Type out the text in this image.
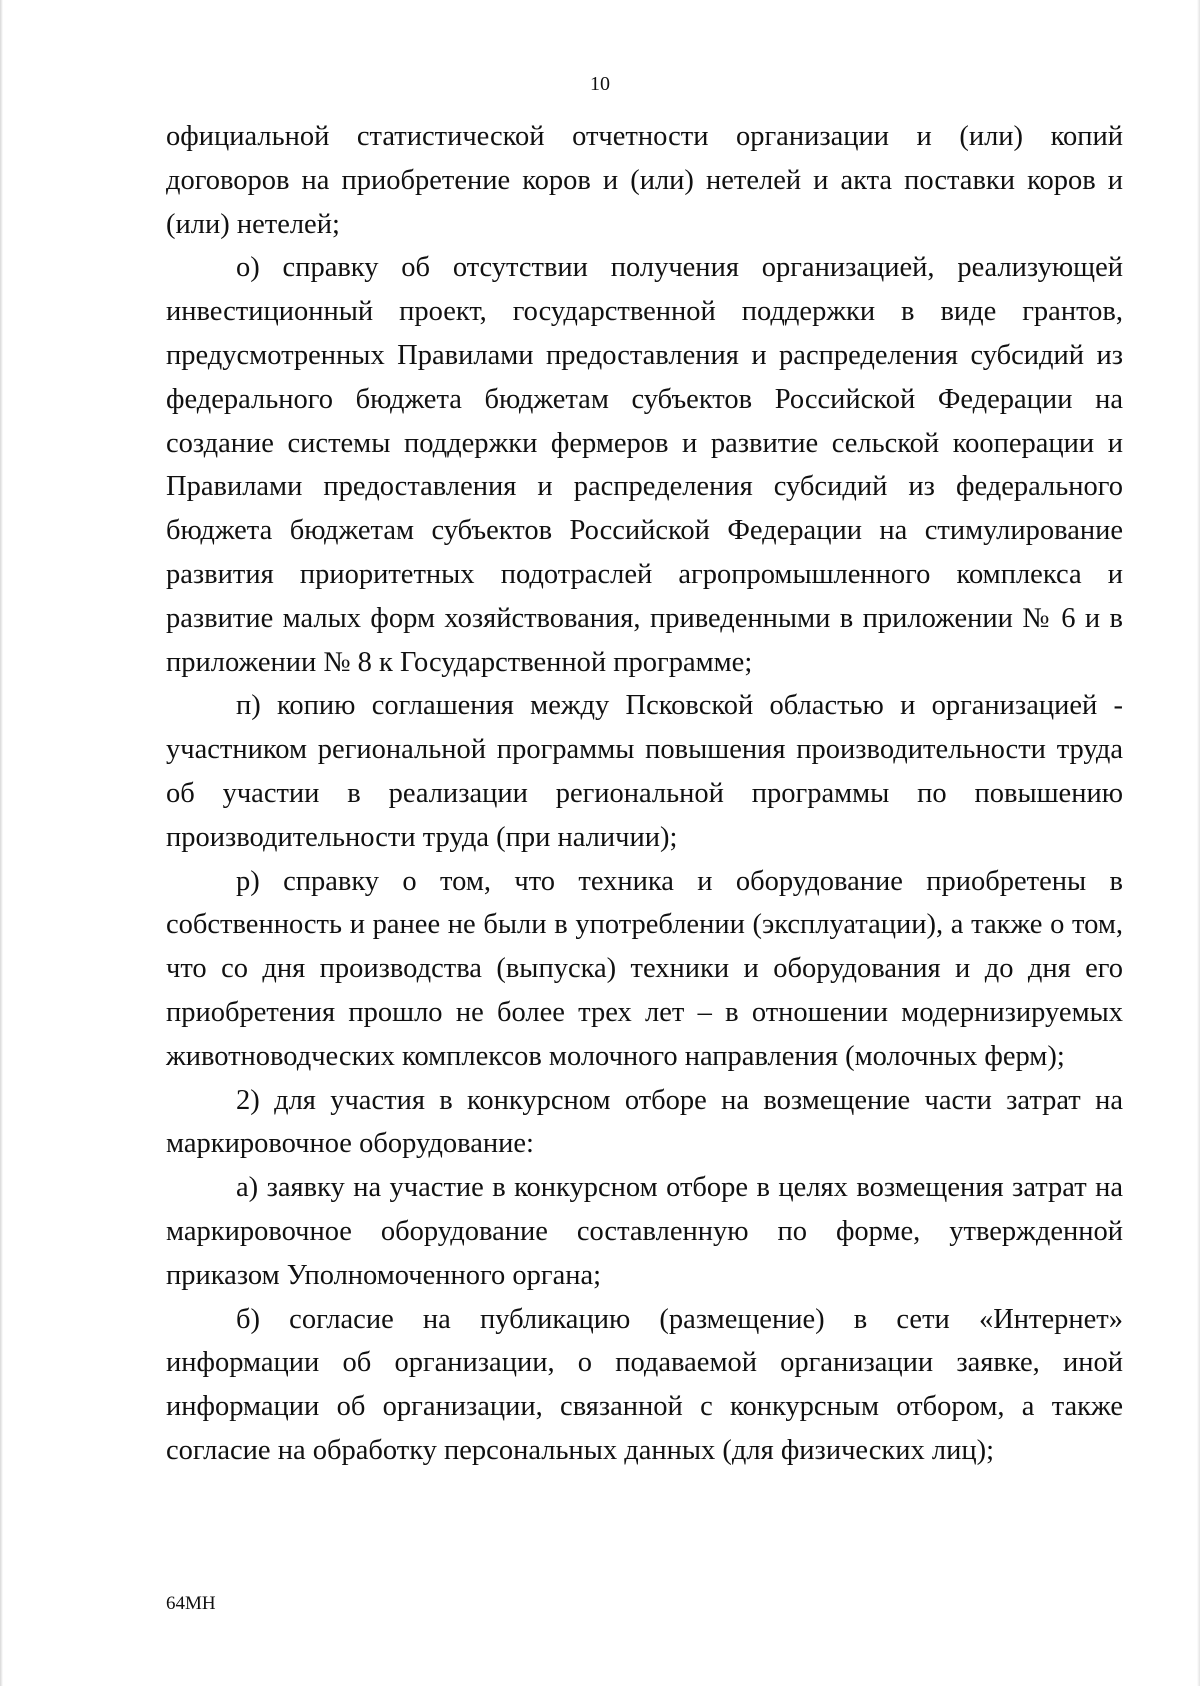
10

официальной статистической отчетности организации и (или) копий договоров на приобретение коров и (или) нетелей и акта поставки коров и (или) нетелей;

о) справку об отсутствии получения организацией, реализующей инвестиционный проект, государственной поддержки в виде грантов, предусмотренных Правилами предоставления и распределения субсидий из федерального бюджета бюджетам субъектов Российской Федерации на создание системы поддержки фермеров и развитие сельской кооперации и Правилами предоставления и распределения субсидий из федерального бюджета бюджетам субъектов Российской Федерации на стимулирование развития приоритетных подотраслей агропромышленного комплекса и развитие малых форм хозяйствования, приведенными в приложении № 6 и в приложении № 8 к Государственной программе;

п) копию соглашения между Псковской областью и организацией - участником региональной программы повышения производительности труда об участии в реализации региональной программы по повышению производительности труда (при наличии);

р) справку о том, что техника и оборудование приобретены в собственность и ранее не были в употреблении (эксплуатации), а также о том, что со дня производства (выпуска) техники и оборудования и до дня его приобретения прошло не более трех лет – в отношении модернизируемых животноводческих комплексов молочного направления (молочных ферм);

2) для участия в конкурсном отборе на возмещение части затрат на маркировочное оборудование:

а) заявку на участие в конкурсном отборе в целях возмещения затрат на маркировочное оборудование составленную по форме, утвержденной приказом Уполномоченного органа;

б) согласие на публикацию (размещение) в сети «Интернет» информации об организации, о подаваемой организации заявке, иной информации об организации, связанной с конкурсным отбором, а также согласие на обработку персональных данных (для физических лиц);

64МН
